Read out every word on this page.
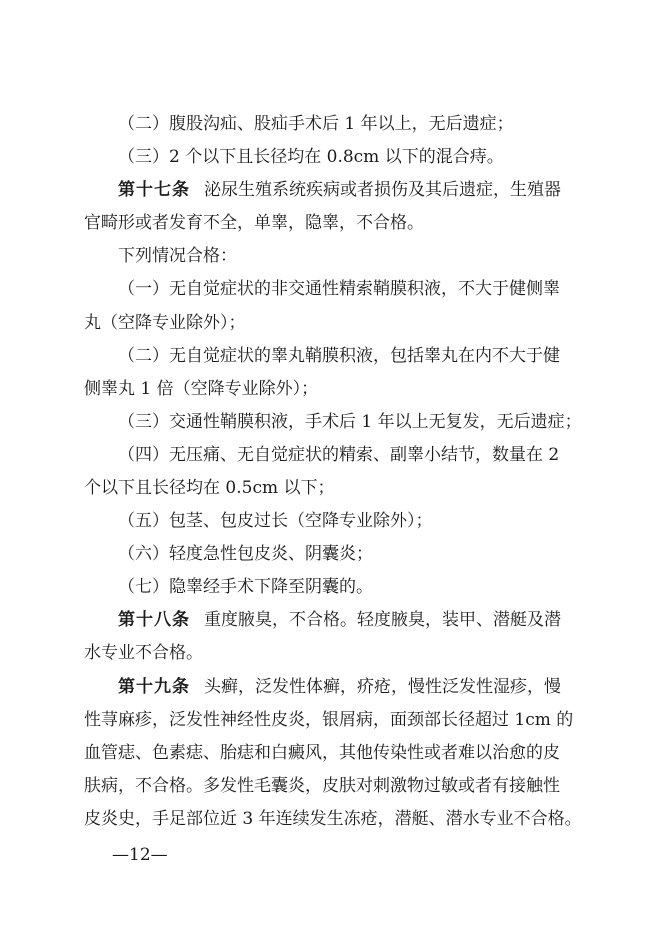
（二）腹股沟疝、股疝手术后 1 年以上，无后遗症；

（三）2 个以下且长径均在 0.8cm 以下的混合痔。

第十七条 泌尿生殖系统疾病或者损伤及其后遗症，生殖器

官畸形或者发育不全，单睾，隐睾，不合格。

下列情况合格：

（一）无自觉症状的非交通性精索鞘膜积液，不大于健侧睾

丸（空降专业除外）；

（二）无自觉症状的睾丸鞘膜积液，包括睾丸在内不大于健

侧睾丸 1 倍（空降专业除外）；

（三）交通性鞘膜积液，手术后 1 年以上无复发，无后遗症；

（四）无压痛、无自觉症状的精索、副睾小结节，数量在 2

个以下且长径均在 0.5cm 以下；

（五）包茎、包皮过长（空降专业除外）；

（六）轻度急性包皮炎、阴囊炎；

（七）隐睾经手术下降至阴囊的。

第十八条 重度腋臭，不合格。轻度腋臭，装甲、潜艇及潜

水专业不合格。

第十九条 头癣，泛发性体癣，疥疮，慢性泛发性湿疹，慢

性荨麻疹，泛发性神经性皮炎，银屑病，面颈部长径超过 1cm 的

血管痣、色素痣、胎痣和白癜风，其他传染性或者难以治愈的皮

肤病，不合格。多发性毛囊炎，皮肤对刺激物过敏或者有接触性

皮炎史，手足部位近 3 年连续发生冻疮，潜艇、潜水专业不合格。

—12—
